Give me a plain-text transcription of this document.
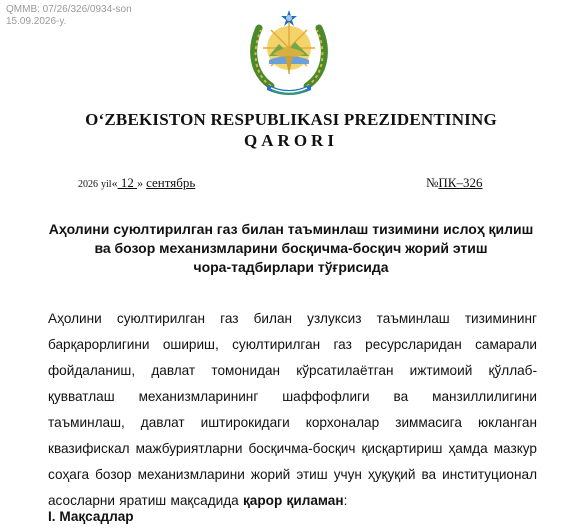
QMMB: 07/26/326/0934-son
15.09.2026-y.
O‘ZBEKISTON RESPUBLIKASI PREZIDENTINING
QARORI
2026 yil« 12 » сентябрь	№ПК–326
Аҳолини суюлтирилган газ билан таъминлаш тизимини ислоҳ қилиш
ва бозор механизмларини босқичма-босқич жорий этиш
чора-тадбирлари тўғрисида
Аҳолини суюлтирилган газ билан узлуксиз таъминлаш тизимининг барқарорлигини ошириш, суюлтирилган газ ресурсларидан самарали фойдаланиш, давлат томонидан кўрсатилаётган ижтимоий қўллаб-қувватлаш механизмларининг шаффофлиги ва манзиллилигини таъминлаш, давлат иштирокидаги корхоналар зиммасига юкланган квазифискал мажбуриятларни босқичма-босқич қисқартириш ҳамда мазкур соҳага бозор механизмларини жорий этиш учун ҳуқуқий ва институционал асосларни яратиш мақсадида қарор қиламан:
I. Мақсадлар
